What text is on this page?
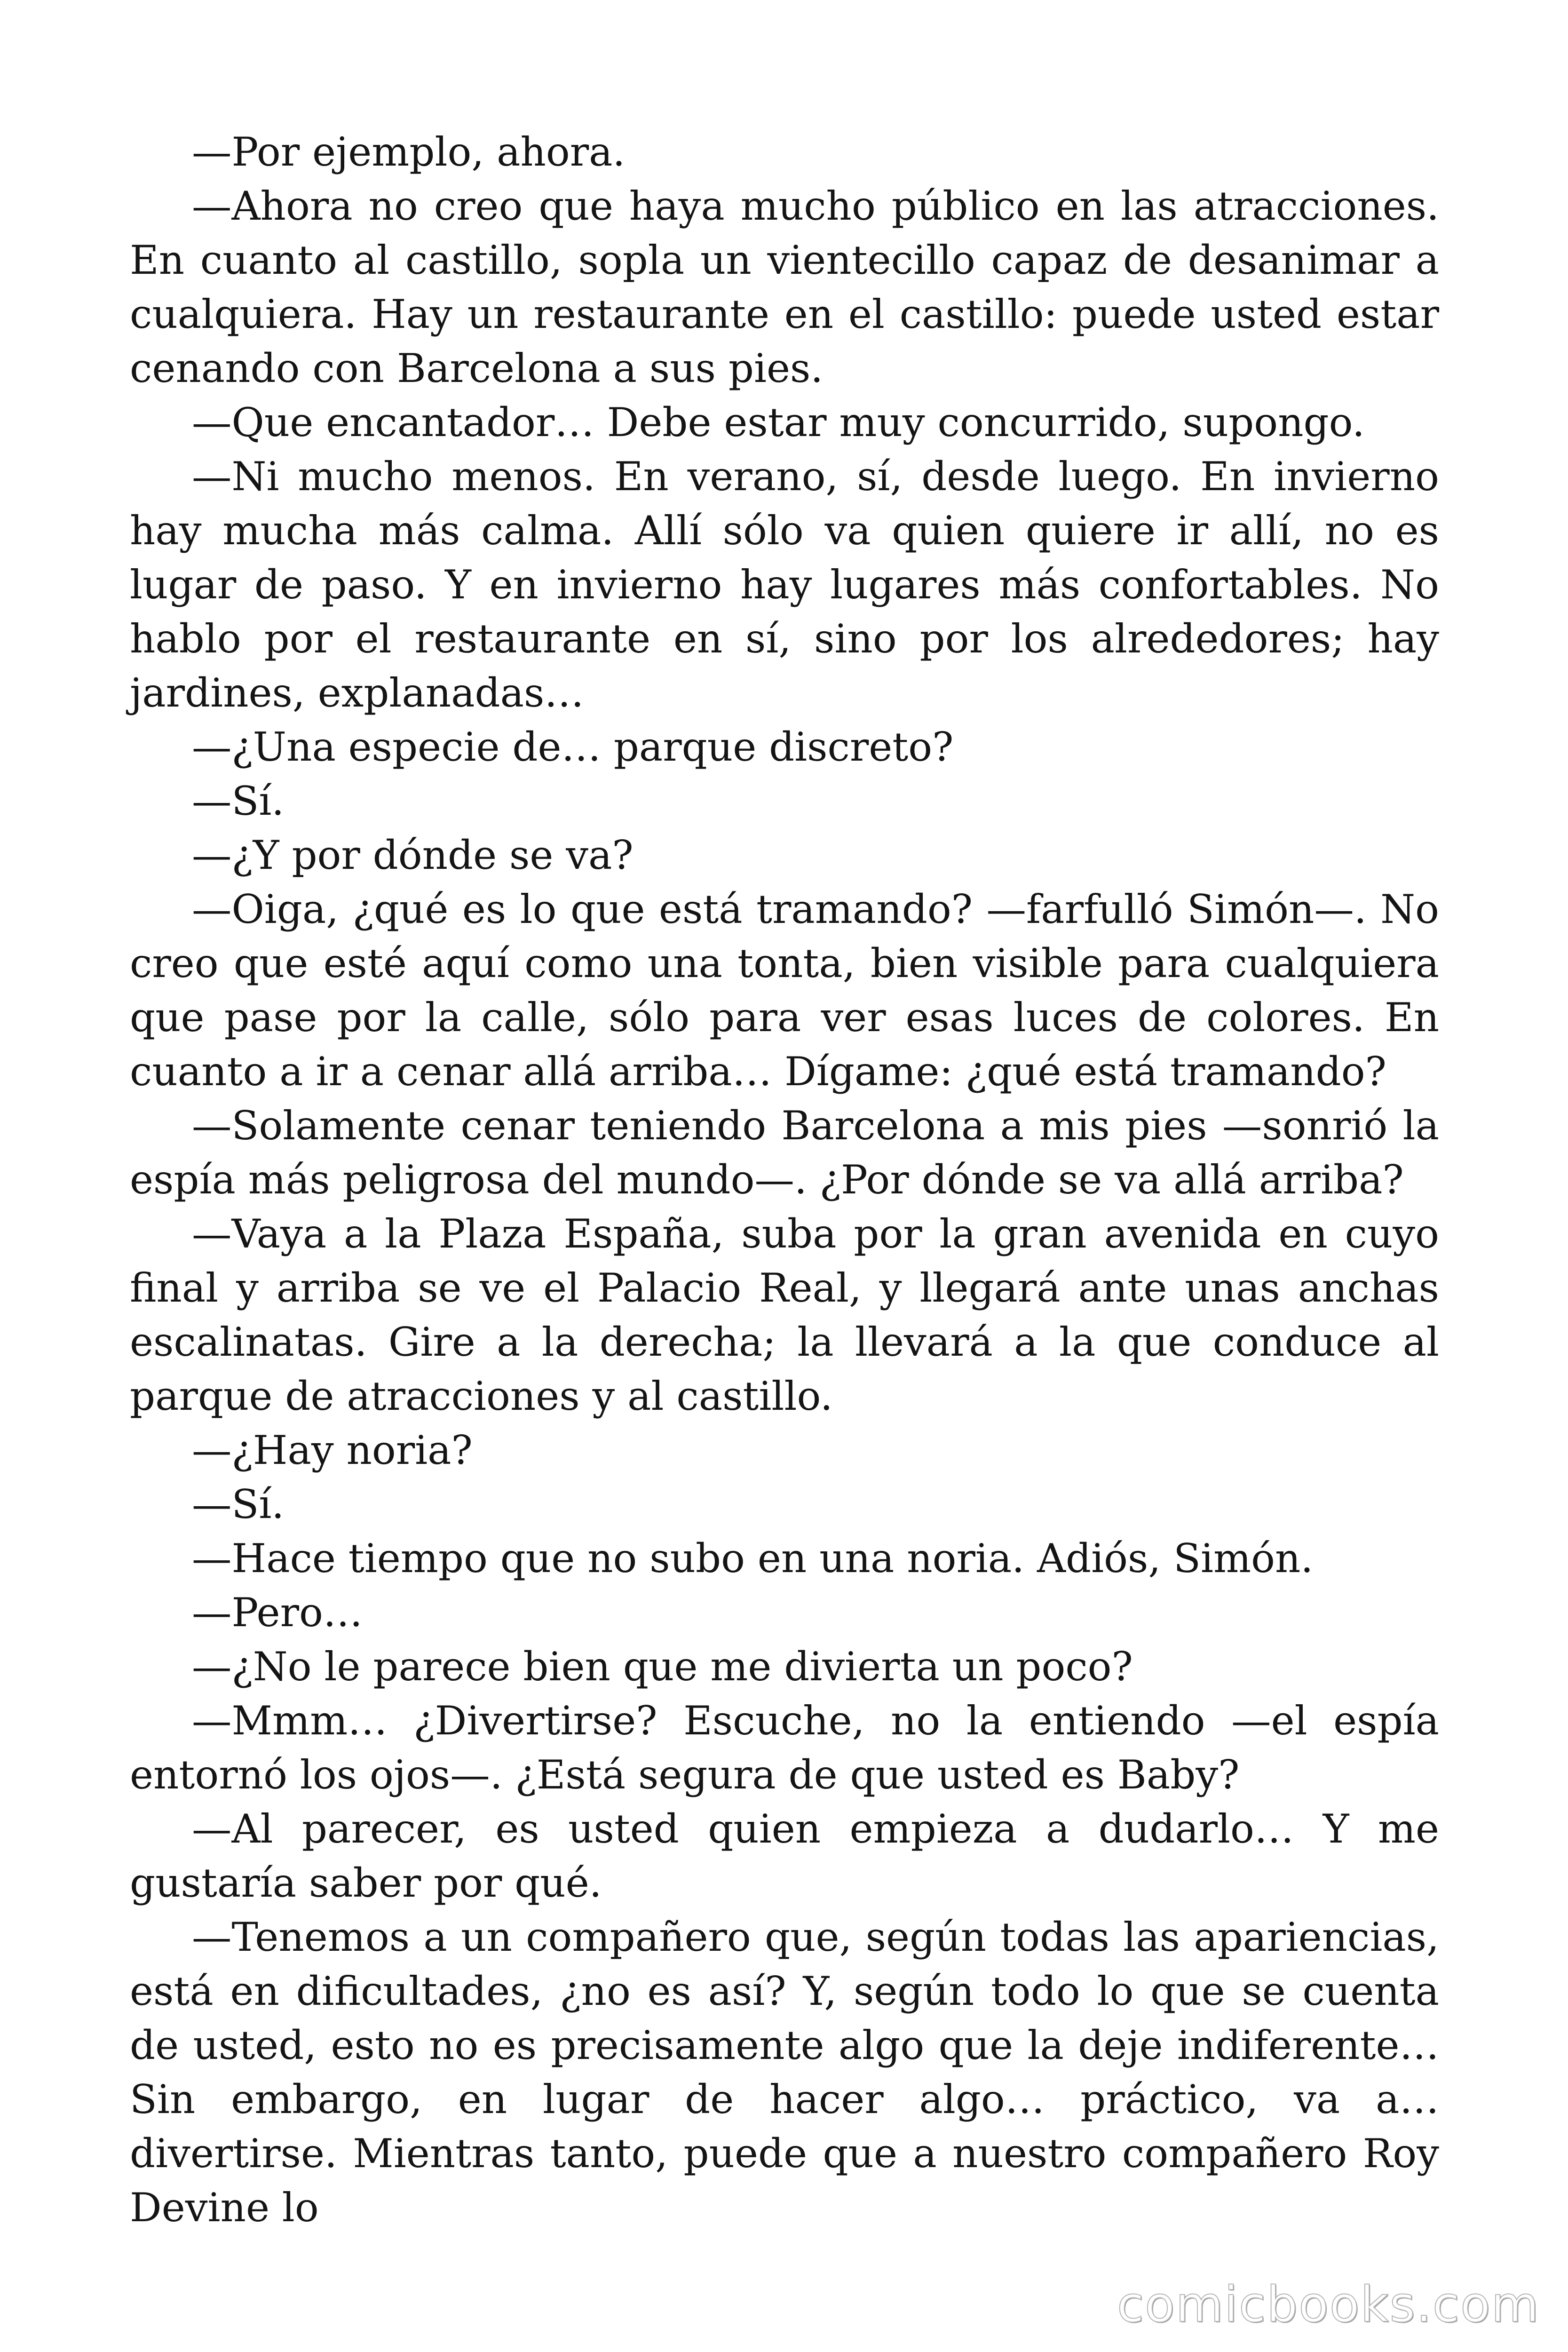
—Por ejemplo, ahora.

—Ahora no creo que haya mucho público en las atracciones. En cuanto al castillo, sopla un vientecillo capaz de desanimar a cualquiera. Hay un restaurante en el castillo: puede usted estar cenando con Barcelona a sus pies.

—Que encantador… Debe estar muy concurrido, supongo.

—Ni mucho menos. En verano, sí, desde luego. En invierno hay mucha más calma. Allí sólo va quien quiere ir allí, no es lugar de paso. Y en invierno hay lugares más confortables. No hablo por el restaurante en sí, sino por los alrededores; hay jardines, explanadas…

—¿Una especie de… parque discreto?

—Sí.

—¿Y por dónde se va?

—Oiga, ¿qué es lo que está tramando? —farfulló Simón—. No creo que esté aquí como una tonta, bien visible para cualquiera que pase por la calle, sólo para ver esas luces de colores. En cuanto a ir a cenar allá arriba… Dígame: ¿qué está tramando?

—Solamente cenar teniendo Barcelona a mis pies —sonrió la espía más peligrosa del mundo—. ¿Por dónde se va allá arriba?

—Vaya a la Plaza España, suba por la gran avenida en cuyo final y arriba se ve el Palacio Real, y llegará ante unas anchas escalinatas. Gire a la derecha; la llevará a la que conduce al parque de atracciones y al castillo.

—¿Hay noria?

—Sí.

—Hace tiempo que no subo en una noria. Adiós, Simón.

—Pero…

—¿No le parece bien que me divierta un poco?

—Mmm… ¿Divertirse? Escuche, no la entiendo —el espía entornó los ojos—. ¿Está segura de que usted es Baby?

—Al parecer, es usted quien empieza a dudarlo… Y me gustaría saber por qué.

—Tenemos a un compañero que, según todas las apariencias, está en dificultades, ¿no es así? Y, según todo lo que se cuenta de usted, esto no es precisamente algo que la deje indiferente… Sin embargo, en lugar de hacer algo… práctico, va a… divertirse. Mientras tanto, puede que a nuestro compañero Roy Devine lo

comicbooks.com
